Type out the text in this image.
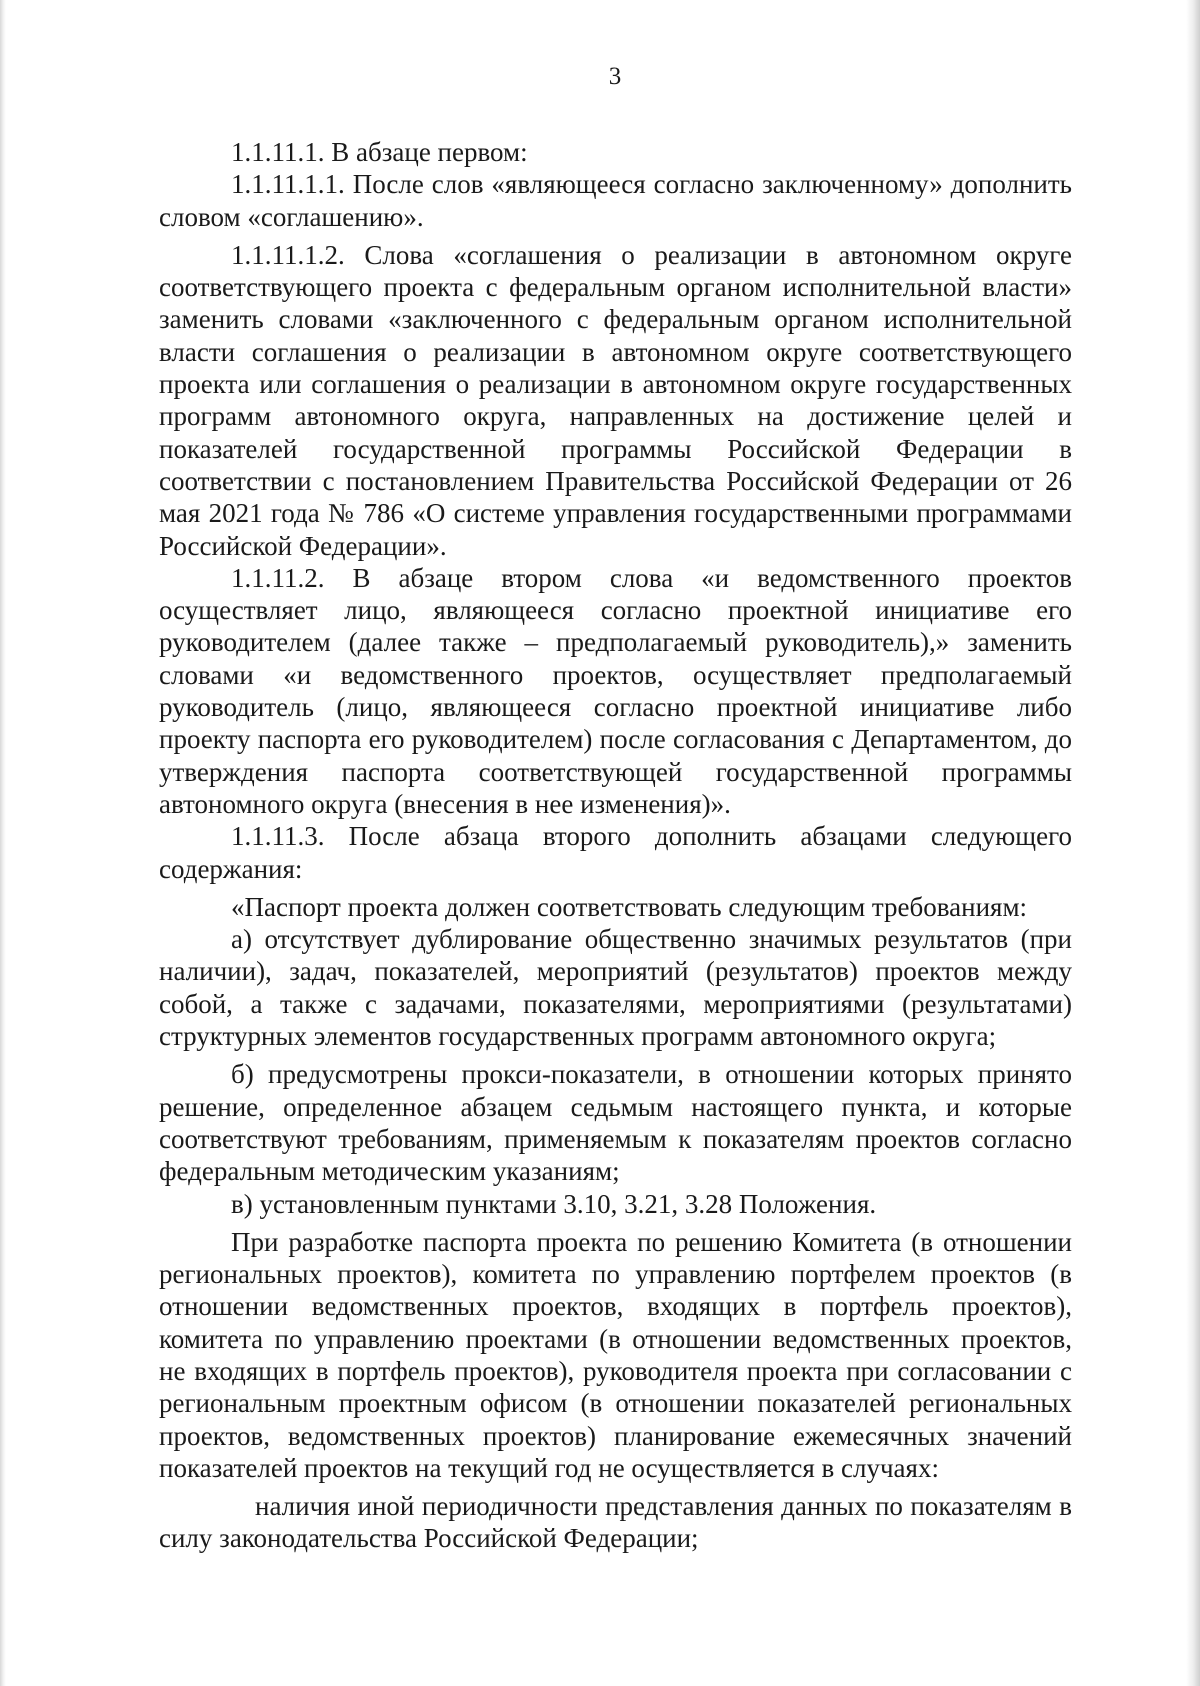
3

1.1.11.1. В абзаце первом:

1.1.11.1.1. После слов «являющееся согласно заключенному» дополнить словом «соглашению».

1.1.11.1.2. Слова «соглашения о реализации в автономном округе соответствующего проекта с федеральным органом исполнительной власти» заменить словами «заключенного с федеральным органом исполнительной власти соглашения о реализации в автономном округе соответствующего проекта или соглашения о реализации в автономном округе государственных программ автономного округа, направленных на достижение целей и показателей государственной программы Российской Федерации в соответствии с постановлением Правительства Российской Федерации от 26 мая 2021 года № 786 «О системе управления государственными программами Российской Федерации».

1.1.11.2. В абзаце втором слова «и ведомственного проектов осуществляет лицо, являющееся согласно проектной инициативе его руководителем (далее также – предполагаемый руководитель),» заменить словами «и ведомственного проектов, осуществляет предполагаемый руководитель (лицо, являющееся согласно проектной инициативе либо проекту паспорта его руководителем) после согласования с Департаментом, до утверждения паспорта соответствующей государственной программы автономного округа (внесения в нее изменения)».

1.1.11.3. После абзаца второго дополнить абзацами следующего содержания:

«Паспорт проекта должен соответствовать следующим требованиям:

а) отсутствует дублирование общественно значимых результатов (при наличии), задач, показателей, мероприятий (результатов) проектов между собой, а также с задачами, показателями, мероприятиями (результатами) структурных элементов государственных программ автономного округа;

б) предусмотрены прокси-показатели, в отношении которых принято решение, определенное абзацем седьмым настоящего пункта, и которые соответствуют требованиям, применяемым к показателям проектов согласно федеральным методическим указаниям;

в) установленным пунктами 3.10, 3.21, 3.28 Положения.

При разработке паспорта проекта по решению Комитета (в отношении региональных проектов), комитета по управлению портфелем проектов (в отношении ведомственных проектов, входящих в портфель проектов), комитета по управлению проектами (в отношении ведомственных проектов, не входящих в портфель проектов), руководителя проекта при согласовании с региональным проектным офисом (в отношении показателей региональных проектов, ведомственных проектов) планирование ежемесячных значений показателей проектов на текущий год не осуществляется в случаях:

наличия иной периодичности представления данных по показателям в силу законодательства Российской Федерации;
